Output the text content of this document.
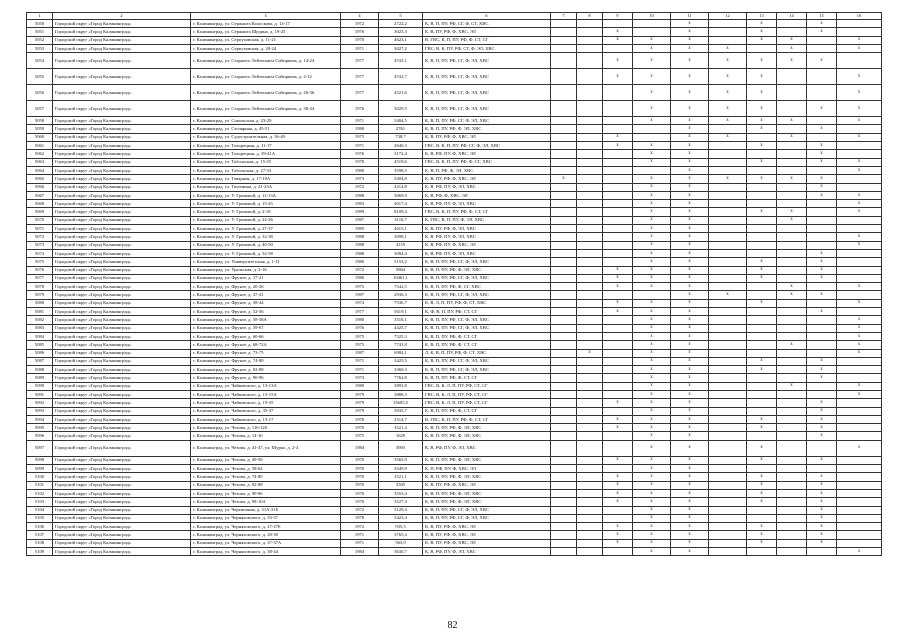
1	2	3	4	5	6	7	8	9	10	11	12	13	14	15	16
5050	Городской округ «Город Калининград»	г. Калининград, ул. Сержанта Колоскова, д. 13-17	1972	2722,2	К, В, П, ПУ, РФ, СГ, Ф, СТ, ХВС					x		x		x	
5051	Городской округ «Город Калининград»	г. Калининград, ул. Сержанта Щедина, д. 19-25	1976	3025,3	К, В, ПУ, РФ, Ф, ХВС, ЭЛ			x		x		x		x	
5052	Городской округ «Город Калининград»	г. Калининград, ул. Серпуховская, д. 11-21	1970	4623,1	В, ГВС, К, П, ПУ, РФ, Ф, СТ, СГ			x	x	x		x	x		x
5053	Городской округ «Город Калининград»	г. Калининград, ул. Серпуховская, д. 20-24	1971	3027,2	ГВС, В, К, ПУ, РФ, СТ, Ф, ЭЛ, ХВС				x	x	x		x		x
5054	Городской округ «Город Калининград»	г. Калининград, ул. Старшего Лейтенанта Сибиркова, д. 14-24	1977	4533,1	К, В, П, ПУ, РФ, СГ, Ф, ЭЛ, ХВС			x	x	x	x	x	x	x	
5055	Городской округ «Город Калининград»	г. Калининград, ул. Старшего Лейтенанта Сибиркова, д. 2-12	1977	4532,7	К, В, П, ПУ, РФ, СГ, Ф, ЭЛ, ХВС			x	x	x	x	x			x
5056	Городской округ «Город Калининград»	г. Калининград, ул. Старшего Лейтенанта Сибиркова, д. 26-36	1977	4521,6	К, В, П, ПУ, РФ, СГ, Ф, ЭЛ, ХВС				x	x	x	x			x
5057	Городской округ «Город Калининград»	г. Калининград, ул. Старшего Лейтенанта Сибиркова, д. 38-44	1976	3029,5	К, В, П, ПУ, РФ, СГ, Ф, ЭЛ, ХВС				x	x	x	x		x	x
5058	Городской округ «Город Калининград»	г. Калининград, ул. Сокольская, д. 23-29	1971	3404,5	К, В, П, ПУ, РФ, СГ, Ф, ЭЛ, ХВС				x	x	x	x	x		x
5059	Городской округ «Город Калининград»	г. Калининград, ул. Столярная, д. 45-51	1980	2761	К, В, П, ПУ, РФ, Ф, ЭЛ, ХВС					x		x		x	
5060	Городской округ «Город Калининград»	г. Калининград, ул. Судостроительная, д. 36-40	1975	738,7	К, В, ПУ, РФ, Ф, ХВС, ЭЛ			x		x	x		x		x
5061	Городской округ «Город Калининград»	г. Калининград, ул. Тихорецкая, д. 11-17	1971	2640,3	ГВС, В, К, П, ПУ, РФ, СГ, Ф, ЭЛ, ХВС			x	x	x		x		x	
5062	Городской округ «Город Калининград»	г. Калининград, ул. Тихорецкая, д. 39-41А	1976	3172,4	К, В, РФ, ПУ, Ф, ХВС, ЭЛ				x	x				x	
5063	Городской округ «Город Калининград»	г. Калининград, ул. Тобольская, д. 15-25	1978	4519,6	ГВС, В, К, П, ПУ, РФ, Ф, СГ, ХВС				x	x		x		x	x
5064	Городской округ «Город Калининград»	г. Калининград, ул. Тобольская, д. 27-33	1980	3598,3	К, В, П, РФ, Ф, ЭЛ, ХВС					x					x
5065	Городской округ «Город Калининград»	г. Калининград, ул. Товарная, д. 17-19А	1973	3404,8	К, В, ПУ, РФ, Ф, ХВС, ЭЛ	x			x	x	x	x	x	x	
5066	Городской округ «Город Калининград»	г. Калининград, ул. Тюленина, д. 21-23А	1972	4214,8	К, В, РФ, ПУ, Ф, ЭЛ, ХВС				x	x				x	
5067	Городской округ «Город Калининград»	г. Калининград, ул. У. Громовой, д. 11-13А	1988	3069,9	К, В, РФ, Ф, ХВС, ЭЛ				x	x				x	x
5068	Городской округ «Город Калининград»	г. Калининград, ул. У. Громовой, д. 15-25	1983	4017,4	К, В, РФ, ПУ, Ф, ЭЛ, ХВС				x	x					x
5069	Городской округ «Город Калининград»	г. Калининград, ул. У. Громовой, д. 2-18	1989	8109,4	ГВС, В, К, П, ПУ, РФ, Ф, СТ, СГ				x	x		x	x		x
5070	Городской округ «Город Калининград»	г. Калининград, ул. У. Громовой, д. 22-26	1987	3116,7	К, ГВС, В, П, ПУ, Ф, ЭЛ, ХВС				x	x			x		
5071	Городской округ «Город Калининград»	г. Калининград, ул. У. Громовой, д. 27-37	1985	4615,1	К, В, ПУ, РФ, Ф, ЭЛ, ХВС				x	x					
5072	Городской округ «Город Калининград»	г. Калининград, ул. У. Громовой, д. 32-38	1988	3098,1	К, В, РФ, ПУ, Ф, ЭЛ, ХВС				x	x					x
5073	Городской округ «Город Калининград»	г. Калининград, ул. У. Громовой, д. 40-50	1988	4155	К, В, РФ, ПУ, Ф, ХВС, ЭЛ				x	x					x
5074	Городской округ «Город Калининград»	г. Калининград, ул. У. Громовой, д. 52-58	1988	3094,4	К, В, РФ, ПУ, Ф, ЭЛ, ХВС				x	x				x	
5075	Городской округ «Город Калининград»	г. Калининград, ул. Университетская, д. 1-11	1986	5153,2	К, В, П, ПУ, РФ, СГ, Ф, ЭЛ, ХВС				x	x		x		x	
5076	Городской округ «Город Калининград»	г. Калининград, ул. Уральская, д. 2-16	1972	5864	К, В, П, ПУ, РФ, Ф, ЭЛ, ХВС			x	x	x		x		x	
5077	Городской округ «Город Калининград»	г. Калининград, ул. Фрунзе, д. 17-21	1986	10461,1	К, В, П, ПУ, РФ, СГ, Ф, ЭЛ, ХВС			x	x	x		x		x	
5078	Городской округ «Город Калининград»	г. Калининград, ул. Фрунзе, д. 20-26	1975	7542,5	К, В, П, ПУ, РФ, Ф, СГ, ХВС			x	x	x			x		x
5079	Городской округ «Город Калининград»	г. Калининград, ул. Фрунзе, д. 37-41	1987	2936,3	К, В, П, ПУ, РФ, СГ, Ф, ЭЛ, ХВС					x	x		x	x	
5080	Городской округ «Город Калининград»	г. Калининград, ул. Фрунзе, д. 38-44	1974	7536,7	К, В, Л, П, ПУ, РФ, Ф, СТ, ХВС			x	x	x		x			x
5081	Городской округ «Город Калининград»	г. Калининград, ул. Фрунзе, д. 52-56	1977	5619,1	К, Ф, В, П, ПУ, РФ, СТ, СГ			x	x	x				x	
5082	Городской округ «Город Калининград»	г. Калининград, ул. Фрунзе, д. 58-58А	1980	3518,1	К, В, П, ПУ, РФ, СГ, Ф, ЭЛ, ХВС				x	x					x
5083	Городской округ «Город Калининград»	г. Калининград, ул. Фрунзе, д. 59-67	1976	4425,7	К, В, П, ПУ, РФ, СГ, Ф, ЭЛ, ХВС				x	x					x
5084	Городской округ «Город Калининград»	г. Калининград, ул. Фрунзе, д. 60-66	1975	7525,3	К, В, П, ПУ, РФ, Ф, СТ, СГ				x	x					x
5085	Городской округ «Город Калининград»	г. Калининград, ул. Фрунзе, д. 68-72А	1975	7741,8	К, В, П, ПУ, РФ, Ф, СТ, СГ				x	x			x		x
5086	Городской округ «Город Калининград»	г. Калининград, ул. Фрунзе, д. 73-75	1987	6984,1	Л, К, В, П, ПУ, РФ, Ф, СТ, ХВС		x		x	x					x
5087	Городской округ «Город Калининград»	г. Калининград, ул. Фрунзе, д. 74-80	1971	3425,5	К, В, П, ПУ, РФ, СГ, Ф, ЭЛ, ХВС				x	x		x		x	
5088	Городской округ «Город Калининград»	г. Калининград, ул. Фрунзе, д. 82-88	1971	3360,3	К, В, П, ПУ, РФ, СГ, Ф, ЭЛ, ХВС				x	x		x		x	
5089	Городской округ «Город Калининград»	г. Калининград, ул. Фрунзе, д. 90-96	1973	7762,8	К, В, П, ПУ, РФ, Ф, СТ, СГ				x	x				x	
5090	Городской округ «Город Калининград»	г. Калининград, ул. Чайковского, д. 13-13А	1980	3893,8	ГВС, В, К, Л, П, ПУ, РФ, СТ, СГ				x	x			x		x
5091	Городской округ «Город Калининград»	г. Калининград, ул. Чайковского, д. 15-15А	1979	3888,3	ГВС, В, К, Л, П, ПУ, РФ, СТ, СГ				x	x					x
5092	Городской округ «Город Калининград»	г. Калининград, ул. Чайковского, д. 19-35	1979	15605,5	ГВС, В, К, Л, П, ПУ, РФ, СТ, СГ			x	x	x				x	
5093	Городской округ «Город Калининград»	г. Калининград, ул. Чайковского, д. 35-37	1979	3935,7	К, В, П, ПУ, РФ, Ф, СТ, СГ				x	x				x	
5094	Городской округ «Город Калининград»	г. Калининград, ул. Чайковского, д. 13-17	1978	2514,7	В, ГВС, К, П, ПУ, РФ, Ф, СТ, СГ			x	x	x		x		x	
5095	Городской округ «Город Калининград»	г. Калининград, ул. Чехова, д. 116-120	1970	3521,4	К, В, П, ПУ, РФ, Ф, ЭЛ, ХВС			x	x	x		x		x	
5096	Городской округ «Город Калининград»	г. Калининград, ул. Чехова, д. 14-16	1975	1629	К, В, П, ПУ, РФ, Ф, ЭЛ, ХВС				x	x				x	
5097	Городской округ «Город Калининград»	г. Калининград, ул. Чехова, д. 41-47, ул. Шурко, д. 2-4	1984	3905	К, В, РФ, ПУ, Ф, ЭЛ, ХВС				x	x		x			x
5098	Городской округ «Город Калининград»	г. Калининград, ул. Чехова, д. 49-56	1970	3565,9	К, В, П, ПУ, РФ, Ф, ЭЛ, ХВС			x	x	x		x		x	
5099	Городской округ «Город Калининград»	г. Калининград, ул. Чехова, д. 58-64	1970	3549,9	К, П, РФ, ПУ, Ф, ХВС, ЭЛ				x	x					
5100	Городской округ «Город Калининград»	г. Калининград, ул. Чехова, д. 74-80	1970	3521,1	К, В, П, ПУ, РФ, Ф, ЭЛ, ХВС			x	x	x		x		x	
5101	Городской округ «Город Калининград»	г. Калининград, ул. Чехова, д. 82-88	1970	3505	К, В, ПУ, РФ, Ф, ХВС, ЭЛ			x	x	x		x		x	
5102	Городской округ «Город Калининград»	г. Калининград, ул. Чехова, д. 90-96	1970	3553,4	К, В, П, ПУ, РФ, Ф, ЭЛ, ХВС			x	x	x		x		x	
5103	Городской округ «Город Калининград»	г. Калининград, ул. Чехова, д. 98-104	1970	3527,3	К, В, П, ПУ, РФ, Ф, ЭЛ, ХВС			x	x	x		x		x	
5104	Городской округ «Город Калининград»	г. Калининград, ул. Черепичная, д. 31А-31Б	1972	3129,4	К, В, П, ПУ, РФ, СГ, Ф, ЭЛ, ХВС				x	x				x	
5105	Городской округ «Город Калининград»	г. Калининград, ул. Черняховского, д. 33-37	1978	3423,4	К, В, П, ПУ, РФ, СГ, Ф, ЭЛ, ХВС				x	x				x	
5106	Городской округ «Город Калининград»	г. Калининград, ул. Черняховского, д. 27-27Е	1972	935,5	К, В, ПУ, РФ, Ф, ХВС, ЭЛ			x	x	x		x		x	
5107	Городской округ «Город Калининград»	г. Калининград, ул. Черняховского, д. 28-30	1971	3765,4	К, В, ПУ, РФ, Ф, ХВС, ЭЛ			x	x	x		x		x	
5108	Городской округ «Город Калининград»	г. Калининград, ул. Черняховского, д. 37-37А	1971	563,9	К, В, ПУ, РФ, Ф, ХВС, ЭЛ			x	x	x		x		x	
5109	Городской округ «Город Калининград»	г. Калининград, ул. Черняховского, д. 38-44	1984	3630,7	К, В, РФ, ПУ, Ф, ЭЛ, ХВС				x	x					x
82
